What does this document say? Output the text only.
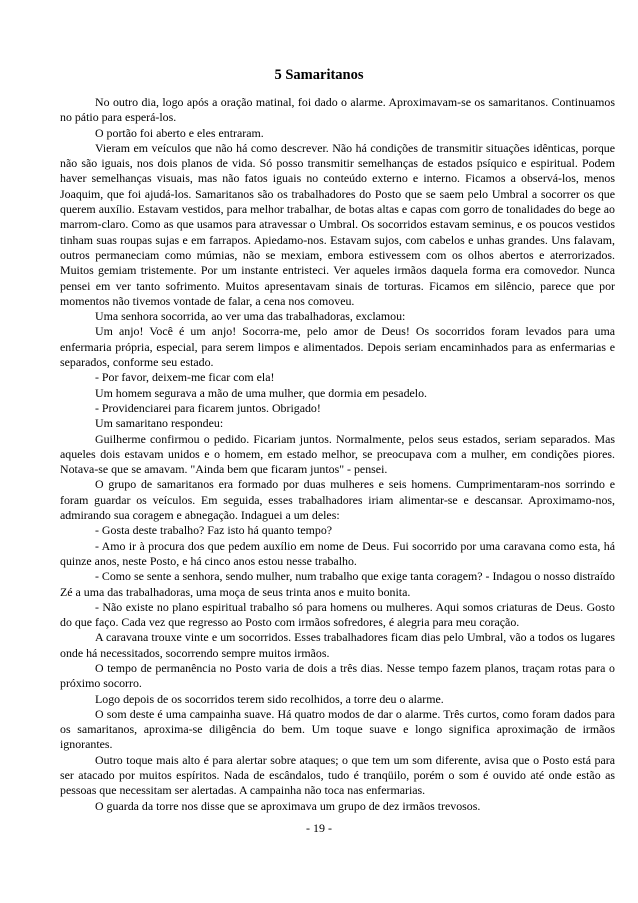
5 Samaritanos

No outro dia, logo após a oração matinal, foi dado o alarme. Aproximavam-se os samaritanos. Continuamos no pátio para esperá-los.

O portão foi aberto e eles entraram.

Vieram em veículos que não há como descrever. Não há condições de transmitir situações idênticas, porque não são iguais, nos dois planos de vida. Só posso transmitir semelhanças de estados psíquico e espiritual. Podem haver semelhanças visuais, mas não fatos iguais no conteúdo externo e interno. Ficamos a observá-los, menos Joaquim, que foi ajudá-los. Samaritanos são os trabalhadores do Posto que se saem pelo Umbral a socorrer os que querem auxílio. Estavam vestidos, para melhor trabalhar, de botas altas e capas com gorro de tonalidades do bege ao marrom-claro. Como as que usamos para atravessar o Umbral. Os socorridos estavam seminus, e os poucos vestidos tinham suas roupas sujas e em farrapos. Apiedamo-nos. Estavam sujos, com cabelos e unhas grandes. Uns falavam, outros permaneciam como múmias, não se mexiam, embora estivessem com os olhos abertos e aterrorizados. Muitos gemiam tristemente. Por um instante entristeci. Ver aqueles irmãos daquela forma era comovedor. Nunca pensei em ver tanto sofrimento. Muitos apresentavam sinais de torturas. Ficamos em silêncio, parece que por momentos não tivemos vontade de falar, a cena nos comoveu.

Uma senhora socorrida, ao ver uma das trabalhadoras, exclamou:

Um anjo! Você é um anjo! Socorra-me, pelo amor de Deus! Os socorridos foram levados para uma enfermaria própria, especial, para serem limpos e alimentados. Depois seriam encaminhados para as enfermarias e separados, conforme seu estado.

- Por favor, deixem-me ficar com ela!

Um homem segurava a mão de uma mulher, que dormia em pesadelo.

- Providenciarei para ficarem juntos. Obrigado!

Um samaritano respondeu:

Guilherme confirmou o pedido. Ficariam juntos. Normalmente, pelos seus estados, seriam separados. Mas aqueles dois estavam unidos e o homem, em estado melhor, se preocupava com a mulher, em condições piores. Notava-se que se amavam. "Ainda bem que ficaram juntos" - pensei.

O grupo de samaritanos era formado por duas mulheres e seis homens. Cumprimentaram-nos sorrindo e foram guardar os veículos. Em seguida, esses trabalhadores iriam alimentar-se e descansar. Aproximamo-nos, admirando sua coragem e abnegação. Indaguei a um deles:

- Gosta deste trabalho? Faz isto há quanto tempo?

- Amo ir à procura dos que pedem auxílio em nome de Deus. Fui socorrido por uma caravana como esta, há quinze anos, neste Posto, e há cinco anos estou nesse trabalho.

- Como se sente a senhora, sendo mulher, num trabalho que exige tanta coragem? - Indagou o nosso distraído Zé a uma das trabalhadoras, uma moça de seus trinta anos e muito bonita.

- Não existe no plano espiritual trabalho só para homens ou mulheres. Aqui somos criaturas de Deus. Gosto do que faço. Cada vez que regresso ao Posto com irmãos sofredores, é alegria para meu coração.

A caravana trouxe vinte e um socorridos. Esses trabalhadores ficam dias pelo Umbral, vão a todos os lugares onde há necessitados, socorrendo sempre muitos irmãos.

O tempo de permanência no Posto varia de dois a três dias. Nesse tempo fazem planos, traçam rotas para o próximo socorro.

Logo depois de os socorridos terem sido recolhidos, a torre deu o alarme.

O som deste é uma campainha suave. Há quatro modos de dar o alarme. Três curtos, como foram dados para os samaritanos, aproxima-se diligência do bem. Um toque suave e longo significa aproximação de irmãos ignorantes.

Outro toque mais alto é para alertar sobre ataques; o que tem um som diferente, avisa que o Posto está para ser atacado por muitos espíritos. Nada de escândalos, tudo é tranqüilo, porém o som é ouvido até onde estão as pessoas que necessitam ser alertadas. A campainha não toca nas enfermarias.

O guarda da torre nos disse que se aproximava um grupo de dez irmãos trevosos.

- 19 -
